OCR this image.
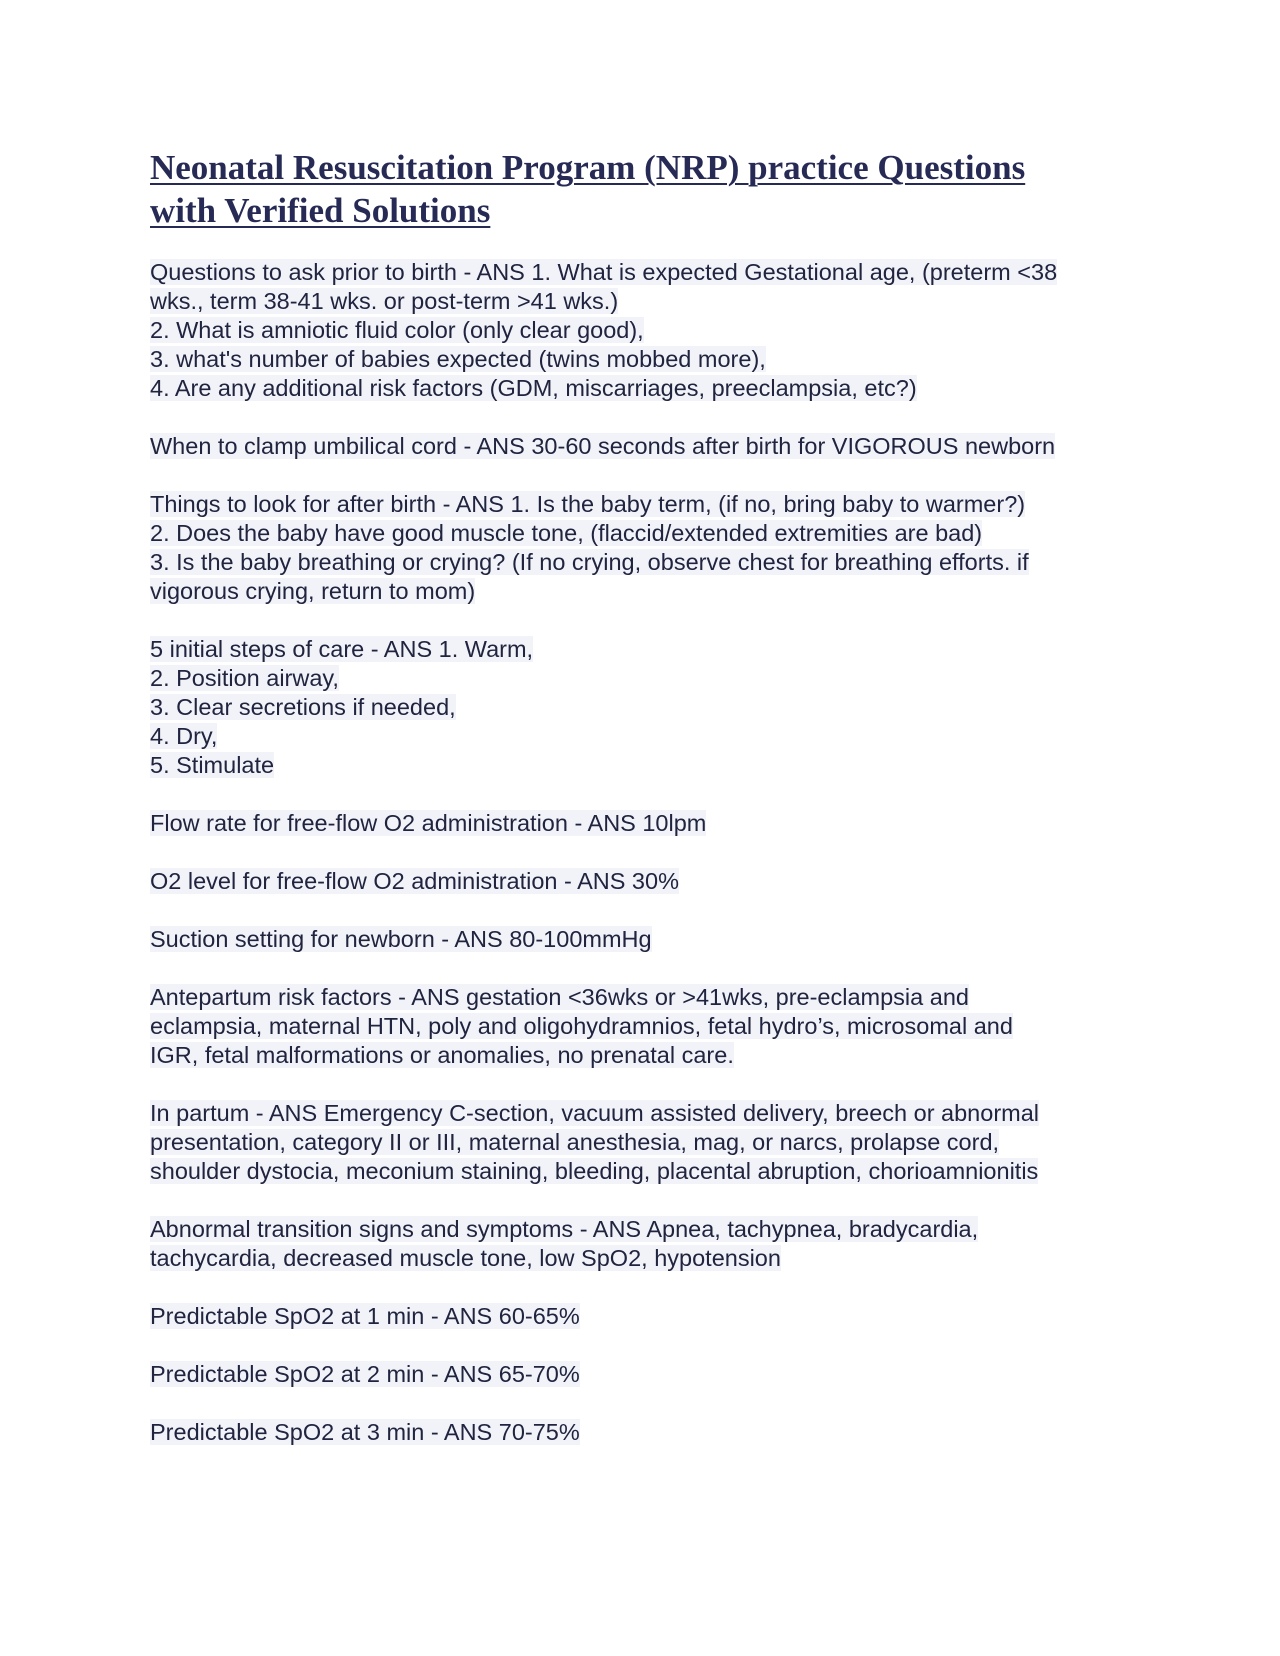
Neonatal Resuscitation Program (NRP) practice Questions
with Verified Solutions
Questions to ask prior to birth - ANS 1. What is expected Gestational age, (preterm <38
wks., term 38-41 wks. or post-term >41 wks.)
2. What is amniotic fluid color (only clear good),
3. what's number of babies expected (twins mobbed more),
4. Are any additional risk factors (GDM, miscarriages, preeclampsia, etc?)
When to clamp umbilical cord - ANS 30-60 seconds after birth for VIGOROUS newborn
Things to look for after birth - ANS 1. Is the baby term, (if no, bring baby to warmer?)
2. Does the baby have good muscle tone, (flaccid/extended extremities are bad)
3. Is the baby breathing or crying? (If no crying, observe chest for breathing efforts. if
vigorous crying, return to mom)
5 initial steps of care - ANS 1. Warm,
2. Position airway,
3. Clear secretions if needed,
4. Dry,
5. Stimulate
Flow rate for free-flow O2 administration - ANS 10lpm
O2 level for free-flow O2 administration - ANS 30%
Suction setting for newborn - ANS 80-100mmHg
Antepartum risk factors - ANS gestation <36wks or >41wks, pre-eclampsia and
eclampsia, maternal HTN, poly and oligohydramnios, fetal hydro’s, microsomal and
IGR, fetal malformations or anomalies, no prenatal care.
In partum - ANS Emergency C-section, vacuum assisted delivery, breech or abnormal
presentation, category II or III, maternal anesthesia, mag, or narcs, prolapse cord,
shoulder dystocia, meconium staining, bleeding, placental abruption, chorioamnionitis
Abnormal transition signs and symptoms - ANS Apnea, tachypnea, bradycardia,
tachycardia, decreased muscle tone, low SpO2, hypotension
Predictable SpO2 at 1 min - ANS 60-65%
Predictable SpO2 at 2 min - ANS 65-70%
Predictable SpO2 at 3 min - ANS 70-75%
